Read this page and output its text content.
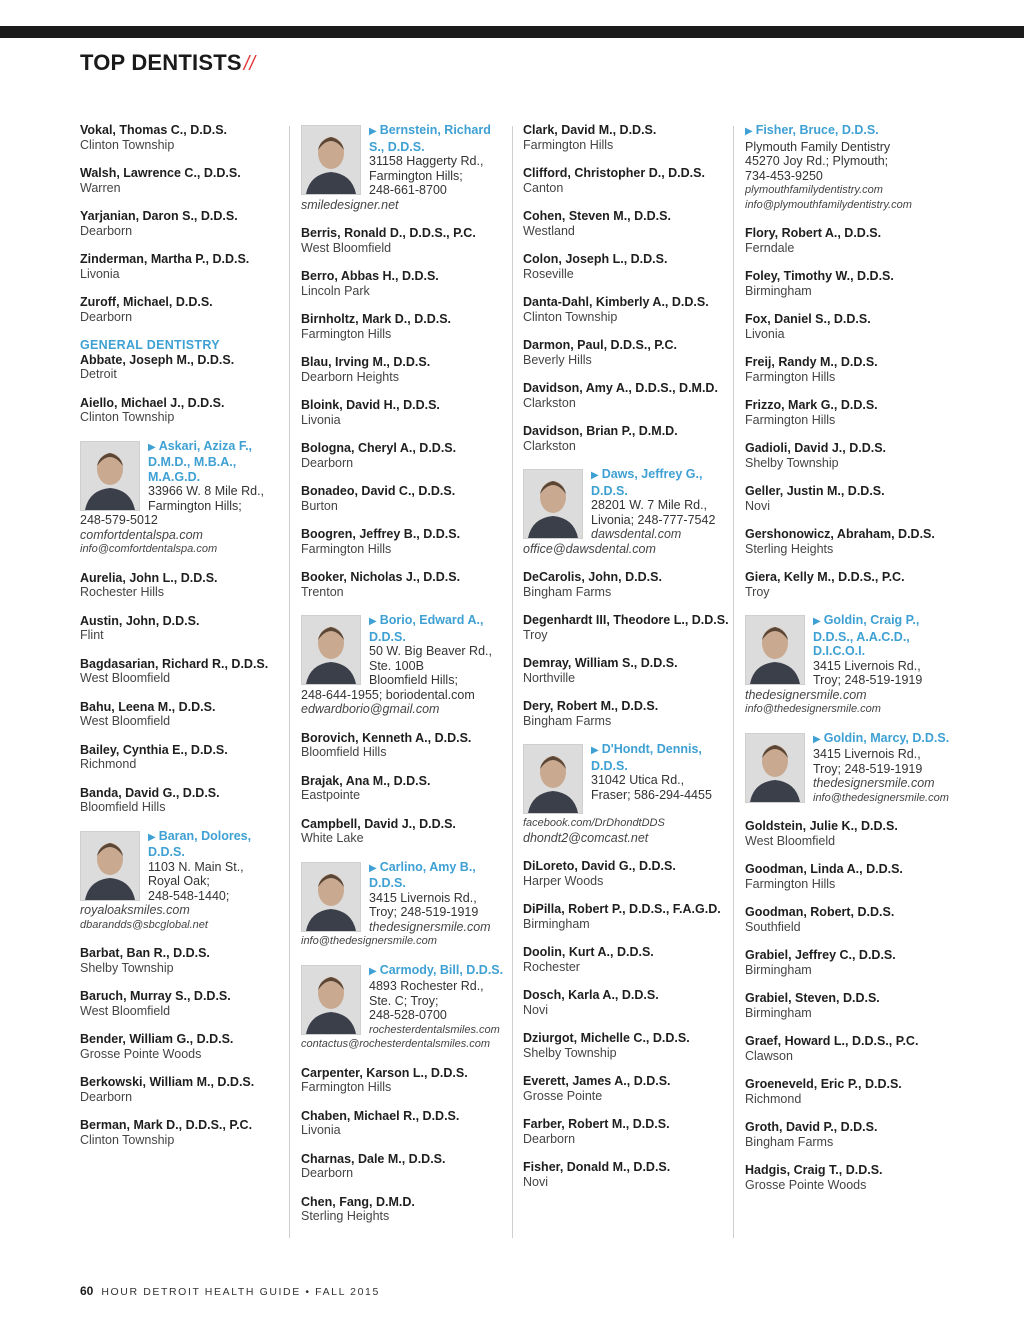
TOP DENTISTS //
Vokal, Thomas C., D.D.S.
Clinton Township
Walsh, Lawrence C., D.D.S.
Warren
Yarjanian, Daron S., D.D.S.
Dearborn
Zinderman, Martha P., D.D.S.
Livonia
Zuroff, Michael, D.D.S.
Dearborn
GENERAL DENTISTRY
Abbate, Joseph M., D.D.S.
Detroit
Aiello, Michael J., D.D.S.
Clinton Township
▶ Askari, Aziza F., D.M.D., M.B.A., M.A.G.D.
33966 W. 8 Mile Rd.,
Farmington Hills;
248-579-5012
comfortdentalspa.com
info@comfortdentalspa.com
Aurelia, John L., D.D.S.
Rochester Hills
Austin, John, D.D.S.
Flint
Bagdasarian, Richard R., D.D.S.
West Bloomfield
Bahu, Leena M., D.D.S.
West Bloomfield
Bailey, Cynthia E., D.D.S.
Richmond
Banda, David G., D.D.S.
Bloomfield Hills
▶ Baran, Dolores, D.D.S.
1103 N. Main St.,
Royal Oak;
248-548-1440;
royaloaksmiles.com
dbarandds@sbcglobal.net
Barbat, Ban R., D.D.S.
Shelby Township
Baruch, Murray S., D.D.S.
West Bloomfield
Bender, William G., D.D.S.
Grosse Pointe Woods
Berkowski, William M., D.D.S.
Dearborn
Berman, Mark D., D.D.S., P.C.
Clinton Township
▶ Bernstein, Richard S., D.D.S.
31158 Haggerty Rd.,
Farmington Hills;
248-661-8700
smiledesigner.net
Berris, Ronald D., D.D.S., P.C.
West Bloomfield
Berro, Abbas H., D.D.S.
Lincoln Park
Birnholtz, Mark D., D.D.S.
Farmington Hills
Blau, Irving M., D.D.S.
Dearborn Heights
Bloink, David H., D.D.S.
Livonia
Bologna, Cheryl A., D.D.S.
Dearborn
Bonadeo, David C., D.D.S.
Burton
Boogren, Jeffrey B., D.D.S.
Farmington Hills
Booker, Nicholas J., D.D.S.
Trenton
▶ Borio, Edward A., D.D.S.
50 W. Big Beaver Rd.,
Ste. 100B
Bloomfield Hills;
248-644-1955; boriodental.com
edwardborio@gmail.com
Borovich, Kenneth A., D.D.S.
Bloomfield Hills
Brajak, Ana M., D.D.S.
Eastpointe
Campbell, David J., D.D.S.
White Lake
▶ Carlino, Amy B., D.D.S.
3415 Livernois Rd.,
Troy; 248-519-1919
thedesignersmile.com
info@thedesignersmile.com
▶ Carmody, Bill, D.D.S.
4893 Rochester Rd.,
Ste. C; Troy;
248-528-0700
rochesterdentalsmiles.com
contactus@rochesterdentalsmiles.com
Carpenter, Karson L., D.D.S.
Farmington Hills
Chaben, Michael R., D.D.S.
Livonia
Charnas, Dale M., D.D.S.
Dearborn
Chen, Fang, D.M.D.
Sterling Heights
Clark, David M., D.D.S.
Farmington Hills
Clifford, Christopher D., D.D.S.
Canton
Cohen, Steven M., D.D.S.
Westland
Colon, Joseph L., D.D.S.
Roseville
Danta-Dahl, Kimberly A., D.D.S.
Clinton Township
Darmon, Paul, D.D.S., P.C.
Beverly Hills
Davidson, Amy A., D.D.S., D.M.D.
Clarkston
Davidson, Brian P., D.M.D.
Clarkston
▶ Daws, Jeffrey G., D.D.S.
28201 W. 7 Mile Rd.,
Livonia; 248-777-7542
dawsdental.com
office@dawsdental.com
DeCarolis, John, D.D.S.
Bingham Farms
Degenhardt III, Theodore L., D.D.S.
Troy
Demray, William S., D.D.S.
Northville
Dery, Robert M., D.D.S.
Bingham Farms
▶ D'Hondt, Dennis, D.D.S.
31042 Utica Rd.,
Fraser; 586-294-4455
facebook.com/DrDhondtDDS
dhondt2@comcast.net
DiLoreto, David G., D.D.S.
Harper Woods
DiPilla, Robert P., D.D.S., F.A.G.D.
Birmingham
Doolin, Kurt A., D.D.S.
Rochester
Dosch, Karla A., D.D.S.
Novi
Dziurgot, Michelle C., D.D.S.
Shelby Township
Everett, James A., D.D.S.
Grosse Pointe
Farber, Robert M., D.D.S.
Dearborn
Fisher, Donald M., D.D.S.
Novi
▶ Fisher, Bruce, D.D.S.
Plymouth Family Dentistry
45270 Joy Rd.; Plymouth;
734-453-9250
plymouthfamilydentistry.com
info@plymouthfamilydentistry.com
Flory, Robert A., D.D.S.
Ferndale
Foley, Timothy W., D.D.S.
Birmingham
Fox, Daniel S., D.D.S.
Livonia
Freij, Randy M., D.D.S.
Farmington Hills
Frizzo, Mark G., D.D.S.
Farmington Hills
Gadioli, David J., D.D.S.
Shelby Township
Geller, Justin M., D.D.S.
Novi
Gershonowicz, Abraham, D.D.S.
Sterling Heights
Giera, Kelly M., D.D.S., P.C.
Troy
▶ Goldin, Craig P., D.D.S., A.A.C.D., D.I.C.O.I.
3415 Livernois Rd.,
Troy; 248-519-1919
thedesignersmile.com
info@thedesignersmile.com
▶ Goldin, Marcy, D.D.S.
3415 Livernois Rd.,
Troy; 248-519-1919
thedesignersmile.com
info@thedesignersmile.com
Goldstein, Julie K., D.D.S.
West Bloomfield
Goodman, Linda A., D.D.S.
Farmington Hills
Goodman, Robert, D.D.S.
Southfield
Grabiel, Jeffrey C., D.D.S.
Birmingham
Grabiel, Steven, D.D.S.
Birmingham
Graef, Howard L., D.D.S., P.C.
Clawson
Groeneveld, Eric P., D.D.S.
Richmond
Groth, David P., D.D.S.
Bingham Farms
Hadgis, Craig T., D.D.S.
Grosse Pointe Woods
60 HOUR DETROIT HEALTH GUIDE • FALL 2015
